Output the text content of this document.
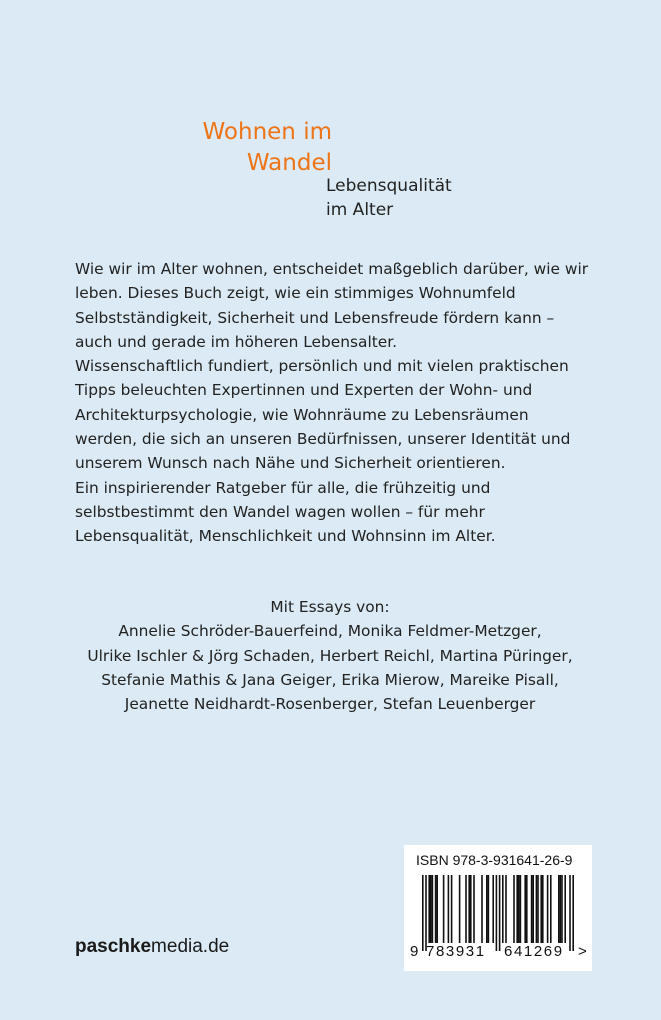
Wohnen im
Wandel
Lebensqualität
im Alter

Wie wir im Alter wohnen, entscheidet maßgeblich darüber, wie wir leben. Dieses Buch zeigt, wie ein stimmiges Wohnumfeld Selbstständigkeit, Sicherheit und Lebensfreude fördern kann – auch und gerade im höheren Lebensalter.

Wissenschaftlich fundiert, persönlich und mit vielen praktischen Tipps beleuchten Expertinnen und Experten der Wohn- und Architekturpsychologie, wie Wohnräume zu Lebensräumen werden, die sich an unseren Bedürfnissen, unserer Identität und unserem Wunsch nach Nähe und Sicherheit orientieren.

Ein inspirierender Ratgeber für alle, die frühzeitig und selbstbestimmt den Wandel wagen wollen – für mehr Lebensqualität, Menschlichkeit und Wohnsinn im Alter.

Mit Essays von:
Annelie Schröder-Bauerfeind, Monika Feldmer-Metzger,
Ulrike Ischler & Jörg Schaden, Herbert Reichl, Martina Püringer,
Stefanie Mathis & Jana Geiger, Erika Mierow, Mareike Pisall,
Jeanette Neidhardt-Rosenberger, Stefan Leuenberger
paschkemedia.de
ISBN 978-3-931641-26-9
9 783931 641269 >
